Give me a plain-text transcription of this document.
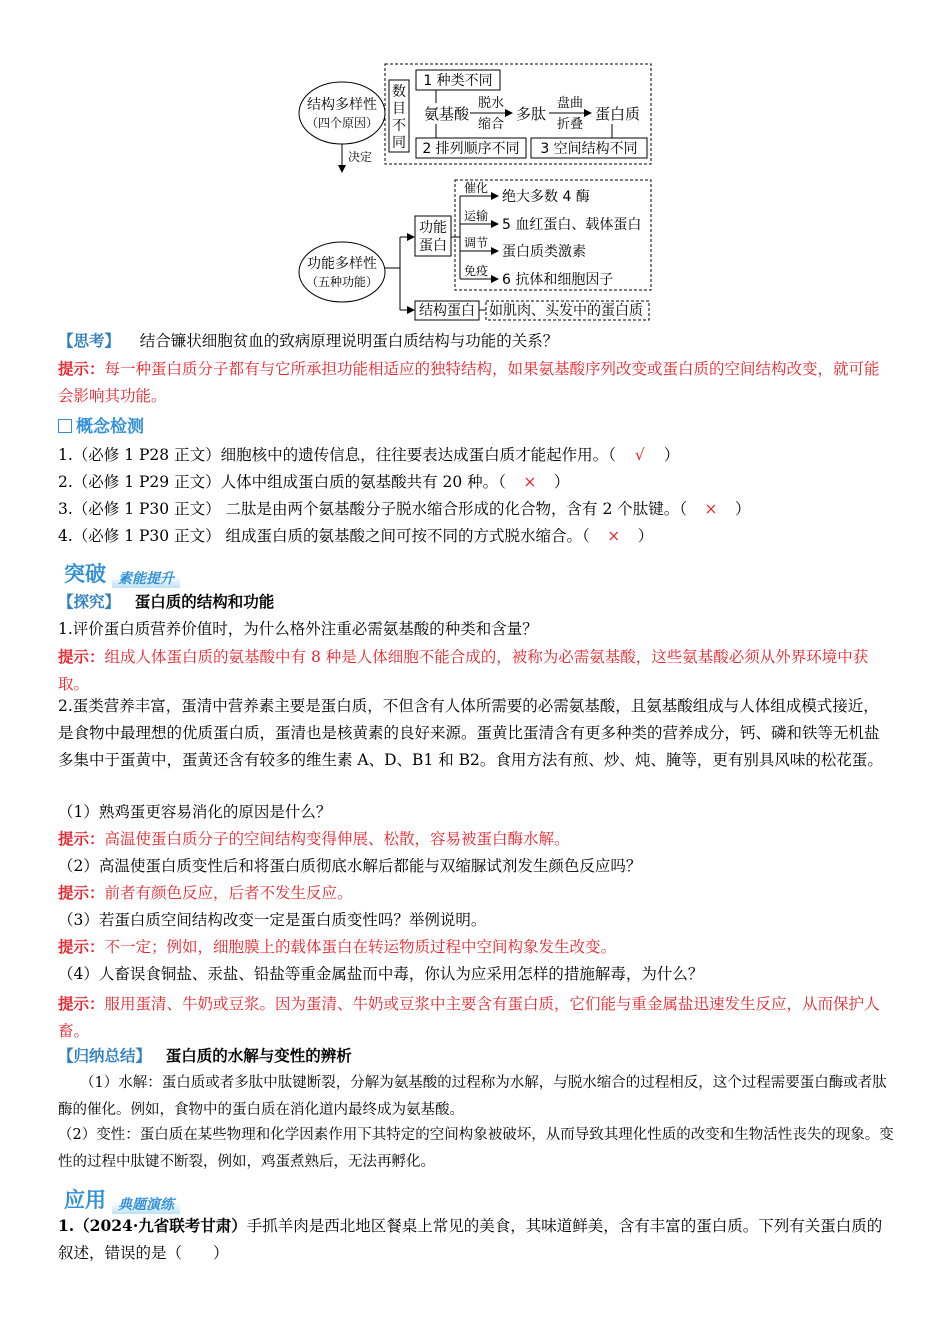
结构多样性
（四个原因）
数
目
不
同
1 种类不同
氨基酸
脱水
缩合
多肽
盘曲
折叠
蛋白质
2 排列顺序不同 3 空间结构不同
决定
功能多样性
（五种功能）
功能
蛋白
催化
绝大多数 4 酶
运输
5 血红蛋白、载体蛋白
调节
蛋白质类激素
免疫
6 抗体和细胞因子
结构蛋白 如肌肉、头发中的蛋白质
【思考】 结合镰状细胞贫血的致病原理说明蛋白质结构与功能的关系？
提示：每一种蛋白质分子都有与它所承担功能相适应的独特结构，如果氨基酸序列改变或蛋白质的空间结构改变，就可能会影响其功能。
概念检测
1.（必修 1 P28 正文）细胞核中的遗传信息，往往要表达成蛋白质才能起作用。（ √ ）
2.（必修 1 P29 正文）人体中组成蛋白质的氨基酸共有 20 种。（ × ）
3.（必修 1 P30 正文） 二肽是由两个氨基酸分子脱水缩合形成的化合物，含有 2 个肽键。（ × ）
4.（必修 1 P30 正文） 组成蛋白质的氨基酸之间可按不同的方式脱水缩合。（ × ）
突破 素能提升
【探究】 蛋白质的结构和功能
1.评价蛋白质营养价值时，为什么格外注重必需氨基酸的种类和含量？
提示：组成人体蛋白质的氨基酸中有 8 种是人体细胞不能合成的，被称为必需氨基酸，这些氨基酸必须从外界环境中获取。
2.蛋类营养丰富，蛋清中营养素主要是蛋白质，不但含有人体所需要的必需氨基酸，且氨基酸组成与人体组成模式接近，是食物中最理想的优质蛋白质，蛋清也是核黄素的良好来源。蛋黄比蛋清含有更多种类的营养成分，钙、磷和铁等无机盐多集中于蛋黄中，蛋黄还含有较多的维生素 A、D、B1 和 B2。食用方法有煎、炒、炖、腌等，更有别具风味的松花蛋。
（1）熟鸡蛋更容易消化的原因是什么？
提示：高温使蛋白质分子的空间结构变得伸展、松散，容易被蛋白酶水解。
（2）高温使蛋白质变性后和将蛋白质彻底水解后都能与双缩脲试剂发生颜色反应吗？
提示：前者有颜色反应，后者不发生反应。
（3）若蛋白质空间结构改变一定是蛋白质变性吗？举例说明。
提示：不一定；例如，细胞膜上的载体蛋白在转运物质过程中空间构象发生改变。
（4）人畜误食铜盐、汞盐、铅盐等重金属盐而中毒，你认为应采用怎样的措施解毒，为什么？
提示：服用蛋清、牛奶或豆浆。因为蛋清、牛奶或豆浆中主要含有蛋白质，它们能与重金属盐迅速发生反应，从而保护人畜。
【归纳总结】 蛋白质的水解与变性的辨析
（1）水解：蛋白质或者多肽中肽键断裂，分解为氨基酸的过程称为水解，与脱水缩合的过程相反，这个过程需要蛋白酶或者肽酶的催化。例如，食物中的蛋白质在消化道内最终成为氨基酸。
（2）变性：蛋白质在某些物理和化学因素作用下其特定的空间构象被破坏，从而导致其理化性质的改变和生物活性丧失的现象。变性的过程中肽键不断裂，例如，鸡蛋煮熟后，无法再孵化。
应用 典题演练
1.（2024·九省联考甘肃）手抓羊肉是西北地区餐桌上常见的美食，其味道鲜美，含有丰富的蛋白质。下列有关蛋白质的叙述，错误的是（　　）
